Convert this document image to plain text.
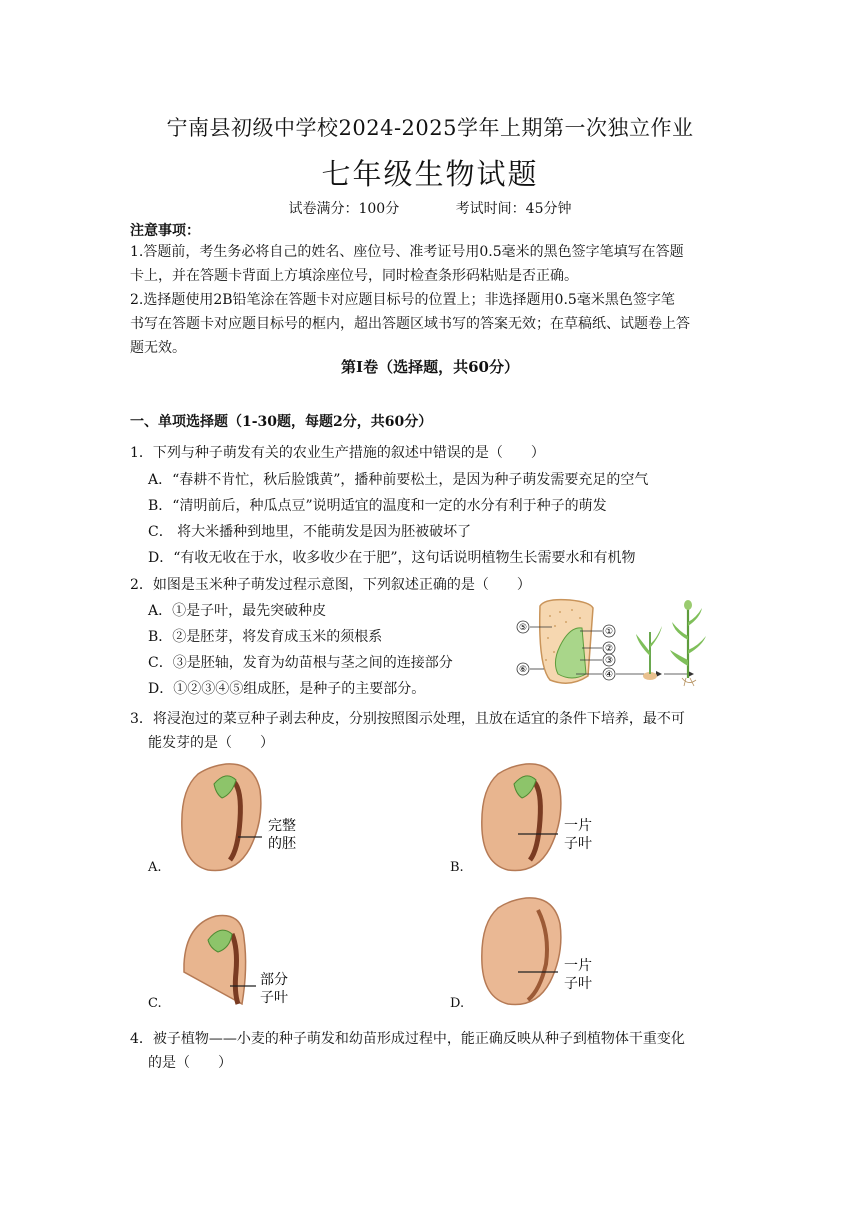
宁南县初级中学校2024-2025学年上期第一次独立作业
七年级生物试题
试卷满分：100分	考试时间：45分钟
注意事项：
1.答题前，考生务必将自己的姓名、座位号、准考证号用0.5毫米的黑色签字笔填写在答题
卡上，并在答题卡背面上方填涂座位号，同时检查条形码粘贴是否正确。
2.选择题使用2B铅笔涂在答题卡对应题目标号的位置上；非选择题用0.5毫米黑色签字笔
书写在答题卡对应题目标号的框内，超出答题区域书写的答案无效；在草稿纸、试题卷上答
题无效。
第Ⅰ卷（选择题，共60分）
一、单项选择题（1-30题，每题2分，共60分）
1．下列与种子萌发有关的农业生产措施的叙述中错误的是（　　）
A．“春耕不肯忙，秋后脸饿黄”，播种前要松土，是因为种子萌发需要充足的空气
B．“清明前后，种瓜点豆”说明适宜的温度和一定的水分有利于种子的萌发
C． 将大米播种到地里，不能萌发是因为胚被破坏了
D．“有收无收在于水，收多收少在于肥”，这句话说明植物生长需要水和有机物
2．如图是玉米种子萌发过程示意图，下列叙述正确的是（　　）
A．①是子叶，最先突破种皮
B．②是胚芽，将发育成玉米的须根系
C．③是胚轴，发育为幼苗根与茎之间的连接部分
D．①②③④⑤组成胚，是种子的主要部分。
⑤
⑥
①
②
③
④
3．将浸泡过的菜豆种子剥去种皮，分别按照图示处理，且放在适宜的条件下培养，最不可
能发芽的是（　　）
完整
的胚
A.
一片
子叶
B.
部分
子叶
C.
一片
子叶
D.
4．被子植物——小麦的种子萌发和幼苗形成过程中，能正确反映从种子到植物体干重变化
的是（　　）
